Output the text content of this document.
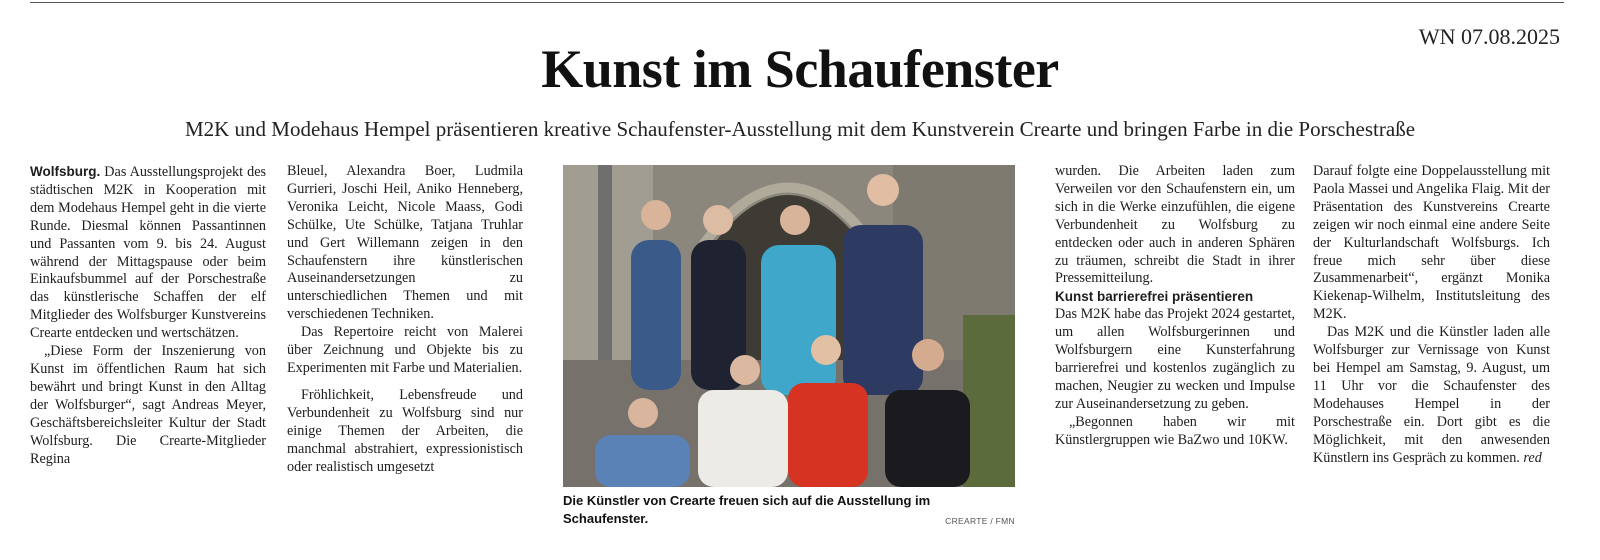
WN 07.08.2025
Kunst im Schaufenster
M2K und Modehaus Hempel präsentieren kreative Schaufenster-Ausstellung mit dem Kunstverein Crearte und bringen Farbe in die Porschestraße

Wolfsburg. Das Ausstellungsprojekt des städtischen M2K in Kooperation mit dem Modehaus Hempel geht in die vierte Runde. Diesmal können Passantinnen und Passanten vom 9. bis 24. August während der Mittagspause oder beim Einkaufsbummel auf der Porschestraße das künstlerische Schaffen der elf Mitglieder des Wolfsburger Kunstvereins Crearte entdecken und wertschätzen.

„Diese Form der Inszenierung von Kunst im öffentlichen Raum hat sich bewährt und bringt Kunst in den Alltag der Wolfsburger“, sagt Andreas Meyer, Geschäftsbereichsleiter Kultur der Stadt Wolfsburg. Die Crearte-Mitglieder Regina

Bleuel, Alexandra Boer, Ludmila Gurrieri, Joschi Heil, Aniko Henneberg, Veronika Leicht, Nicole Maass, Godi Schülke, Ute Schülke, Tatjana Truhlar und Gert Willemann zeigen in den Schaufenstern ihre künstlerischen Auseinandersetzungen zu unterschiedlichen Themen und mit verschiedenen Techniken.

Das Repertoire reicht von Malerei über Zeichnung und Objekte bis zu Experimenten mit Farbe und Materialien.

Fröhlichkeit, Lebensfreude und Verbundenheit zu Wolfsburg sind nur einige Themen der Arbeiten, die manchmal abstrahiert, expressionistisch oder realistisch umgesetzt

Die Künstler von Crearte freuen sich auf die Ausstellung im Schaufenster.	CREARTE / FMN

wurden. Die Arbeiten laden zum Verweilen vor den Schaufenstern ein, um sich in die Werke einzufühlen, die eigene Verbundenheit zu Wolfsburg zu entdecken oder auch in anderen Sphären zu träumen, schreibt die Stadt in ihrer Pressemitteilung.

Kunst barrierefrei präsentieren

Das M2K habe das Projekt 2024 gestartet, um allen Wolfsburgerinnen und Wolfsburgern eine Kunsterfahrung barrierefrei und kostenlos zugänglich zu machen, Neugier zu wecken und Impulse zur Auseinandersetzung zu geben.

„Begonnen haben wir mit Künstlergruppen wie BaZwo und 10KW.

Darauf folgte eine Doppelausstellung mit Paola Massei und Angelika Flaig. Mit der Präsentation des Kunstvereins Crearte zeigen wir noch einmal eine andere Seite der Kulturlandschaft Wolfsburgs. Ich freue mich sehr über diese Zusammenarbeit“, ergänzt Monika Kiekenap-Wilhelm, Institutsleitung des M2K.

Das M2K und die Künstler laden alle Wolfsburger zur Vernissage von Kunst bei Hempel am Samstag, 9. August, um 11 Uhr vor die Schaufenster des Modehauses Hempel in der Porschestraße ein. Dort gibt es die Möglichkeit, mit den anwesenden Künstlern ins Gespräch zu kommen. red
